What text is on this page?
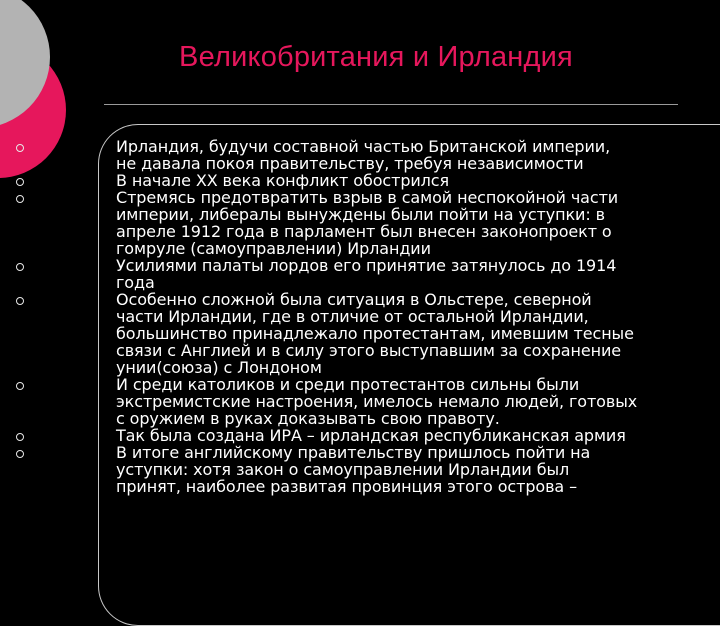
Великобритания и Ирландия
Ирландия, будучи составной частью Британской империи,
не давала покоя правительству, требуя независимости
В начале XX века конфликт обострился
Стремясь предотвратить взрыв в самой неспокойной части
империи, либералы вынуждены были пойти на уступки: в
апреле 1912 года в парламент был внесен законопроект о
гомруле (самоуправлении) Ирландии
Усилиями палаты лордов его принятие затянулось до 1914
года
Особенно сложной была ситуация в Ольстере, северной
части Ирландии, где в отличие от остальной Ирландии,
большинство принадлежало протестантам, имевшим тесные
связи с Англией и в силу этого выступавшим за сохранение
унии(союза) с Лондоном
И среди католиков и среди протестантов сильны были
экстремистские настроения, имелось немало людей, готовых
с оружием в руках доказывать свою правоту.
Так была создана ИРА – ирландская республиканская армия
В итоге английскому правительству пришлось пойти на
уступки: хотя закон о самоуправлении Ирландии был
принят, наиболее развитая провинция этого острова –
